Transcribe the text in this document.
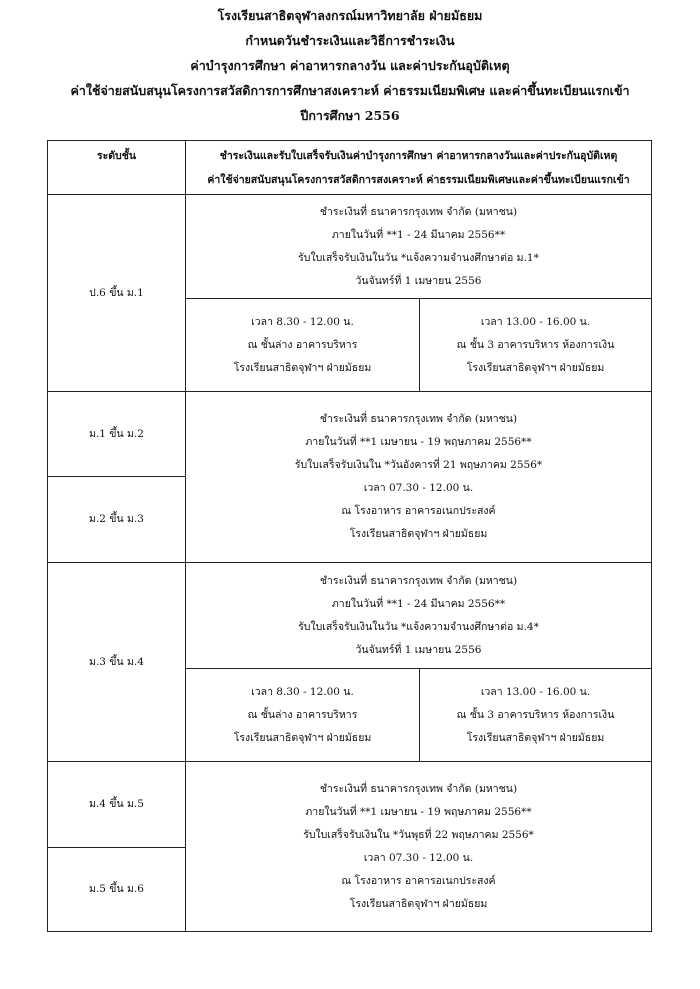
โรงเรียนสาธิตจุฬาลงกรณ์มหาวิทยาลัย ฝ่ายมัธยม
กำหนดวันชำระเงินและวิธีการชำระเงิน
ค่าบำรุงการศึกษา ค่าอาหารกลางวัน และค่าประกันอุบัติเหตุ
ค่าใช้จ่ายสนับสนุนโครงการสวัสดิการการศึกษาสงเคราะห์ ค่าธรรมเนียมพิเศษ และค่าขึ้นทะเบียนแรกเข้า
ปีการศึกษา 2556
ระดับชั้น	ชำระเงินและรับใบเสร็จรับเงินค่าบำรุงการศึกษา ค่าอาหารกลางวันและค่าประกันอุบัติเหตุ
ค่าใช้จ่ายสนับสนุนโครงการสวัสดิการสงเคราะห์ ค่าธรรมเนียมพิเศษและค่าขึ้นทะเบียนแรกเข้า
ป.6 ขึ้น ม.1
ชำระเงินที่ ธนาคารกรุงเทพ จำกัด (มหาชน)
ภายในวันที่ **1 - 24 มีนาคม 2556**
รับใบเสร็จรับเงินในวัน *แจ้งความจำนงศึกษาต่อ ม.1*
วันจันทร์ที่ 1 เมษายน 2556
เวลา 8.30 - 12.00 น.
ณ ชั้นล่าง อาคารบริหาร
โรงเรียนสาธิตจุฬาฯ ฝ่ายมัธยม
เวลา 13.00 - 16.00 น.
ณ ชั้น 3 อาคารบริหาร ห้องการเงิน
โรงเรียนสาธิตจุฬาฯ ฝ่ายมัธยม
ม.1 ขึ้น ม.2
ม.2 ขึ้น ม.3
ชำระเงินที่ ธนาคารกรุงเทพ จำกัด (มหาชน)
ภายในวันที่ **1 เมษายน - 19 พฤษภาคม 2556**
รับใบเสร็จรับเงินใน *วันอังคารที่ 21 พฤษภาคม 2556*
เวลา 07.30 - 12.00 น.
ณ โรงอาหาร อาคารอเนกประสงค์
โรงเรียนสาธิตจุฬาฯ ฝ่ายมัธยม
ม.3 ขึ้น ม.4
ชำระเงินที่ ธนาคารกรุงเทพ จำกัด (มหาชน)
ภายในวันที่ **1 - 24 มีนาคม 2556**
รับใบเสร็จรับเงินในวัน *แจ้งความจำนงศึกษาต่อ ม.4*
วันจันทร์ที่ 1 เมษายน 2556
เวลา 8.30 - 12.00 น.
ณ ชั้นล่าง อาคารบริหาร
โรงเรียนสาธิตจุฬาฯ ฝ่ายมัธยม
เวลา 13.00 - 16.00 น.
ณ ชั้น 3 อาคารบริหาร ห้องการเงิน
โรงเรียนสาธิตจุฬาฯ ฝ่ายมัธยม
ม.4 ขึ้น ม.5
ม.5 ขึ้น ม.6
ชำระเงินที่ ธนาคารกรุงเทพ จำกัด (มหาชน)
ภายในวันที่ **1 เมษายน - 19 พฤษภาคม 2556**
รับใบเสร็จรับเงินใน *วันพุธที่ 22 พฤษภาคม 2556*
เวลา 07.30 - 12.00 น.
ณ โรงอาหาร อาคารอเนกประสงค์
โรงเรียนสาธิตจุฬาฯ ฝ่ายมัธยม
